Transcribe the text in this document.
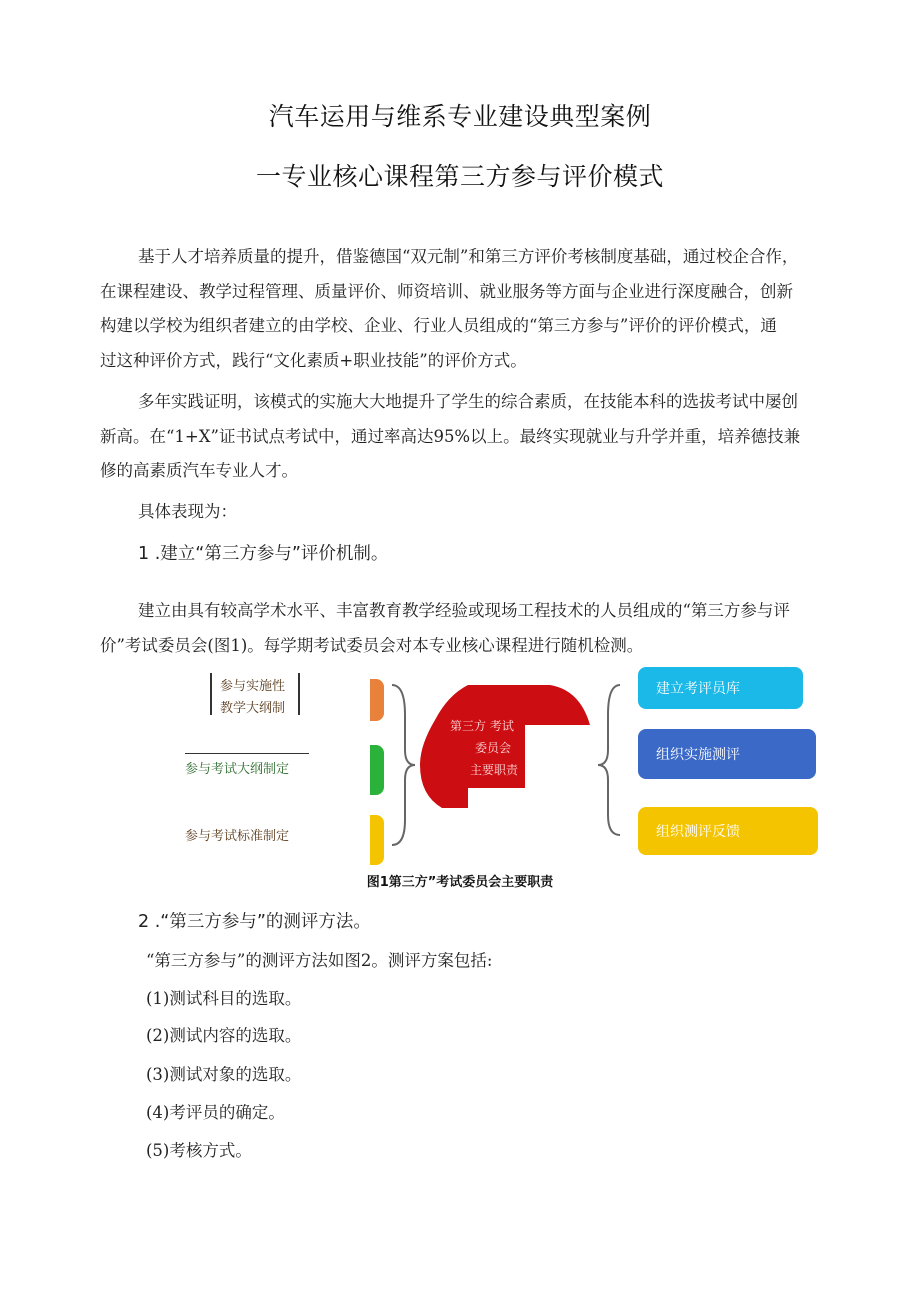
汽车运用与维系专业建设典型案例
一专业核心课程第三方参与评价模式
基于人才培养质量的提升，借鉴德国“双元制”和第三方评价考核制度基础，通过校企合作，
在课程建设、教学过程管理、质量评价、师资培训、就业服务等方面与企业进行深度融合，创新
构建以学校为组织者建立的由学校、企业、行业人员组成的“第三方参与”评价的评价模式，通
过这种评价方式，践行“文化素质+职业技能”的评价方式。
多年实践证明，该模式的实施大大地提升了学生的综合素质，在技能本科的选拔考试中屡创
新高。在“1+X”证书试点考试中，通过率高达95%以上。最终实现就业与升学并重，培养德技兼
修的高素质汽车专业人才。
具体表现为：
1 .建立“第三方参与”评价机制。
建立由具有较高学术水平、丰富教育教学经验或现场工程技术的人员组成的“第三方参与评
价”考试委员会(图1)。每学期考试委员会对本专业核心课程进行随机检测。
参与实施性
教学大纲制
参与考试大纲制定
参与考试标准制定
第三方 考试
委员会
主要职责
建立考评员库
组织实施测评
组织测评反馈
图1第三方”考试委员会主要职责
2 .“第三方参与”的测评方法。
“第三方参与”的测评方法如图2。测评方案包括:
(1)测试科目的选取。
(2)测试内容的选取。
(3)测试对象的选取。
(4)考评员的确定。
(5)考核方式。
